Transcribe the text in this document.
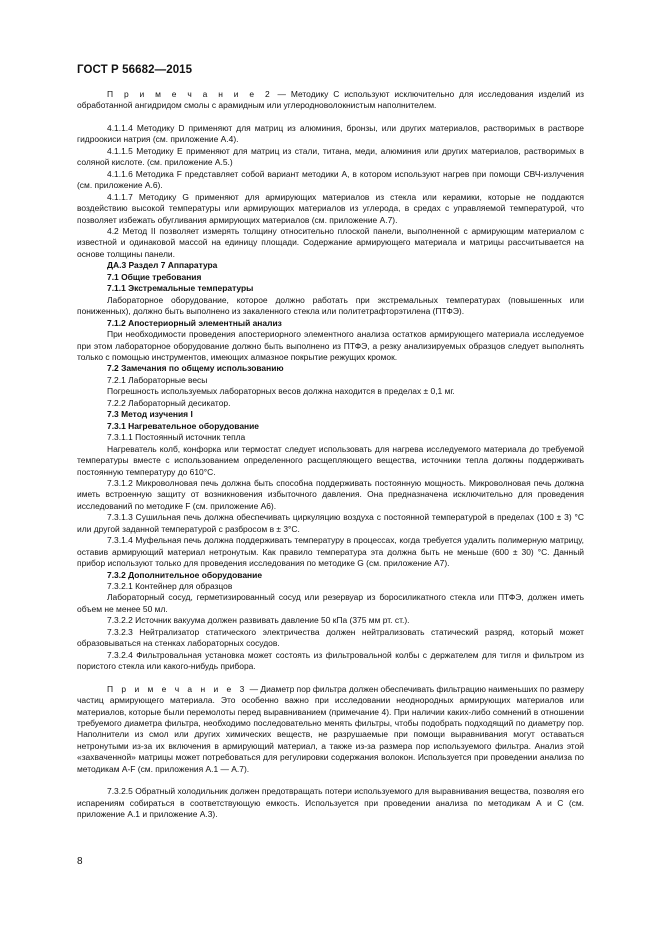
ГОСТ Р 56682—2015

П р и м е ч а н и е 2 — Методику С используют исключительно для исследования изделий из обработанной ангидридом смолы с арамидным или углеродноволокнистым наполнителем.

4.1.1.4 Методику D применяют для матриц из алюминия, бронзы, или других материалов, растворимых в растворе гидроокиси натрия (см. приложение А.4).

4.1.1.5 Методику Е применяют для матриц из стали, титана, меди, алюминия или других материалов, растворимых в соляной кислоте. (см. приложение А.5.)

4.1.1.6 Методика F представляет собой вариант методики А, в котором используют нагрев при помощи СВЧ-излучения (см. приложение А.6).

4.1.1.7 Методику G применяют для армирующих материалов из стекла или керамики, которые не поддаются воздействию высокой температуры или армирующих материалов из углерода, в средах с управляемой температурой, что позволяет избежать обугливания армирующих материалов (см. приложение А.7).

4.2 Метод II позволяет измерять толщину относительно плоской панели, выполненной с армирующим материалом с известной и одинаковой массой на единицу площади. Содержание армирующего материала и матрицы рассчитывается на основе толщины панели.

ДА.3 Раздел 7 Аппаратура

7.1 Общие требования

7.1.1 Экстремальные температуры

Лабораторное оборудование, которое должно работать при экстремальных температурах (повышенных или пониженных), должно быть выполнено из закаленного стекла или политетрафторэтилена (ПТФЭ).

7.1.2 Апостериорный элементный анализ

При необходимости проведения апостериорного элементного анализа остатков армирующего материала исследуемое при этом лабораторное оборудование должно быть выполнено из ПТФЭ, а резку анализируемых образцов следует выполнять только с помощью инструментов, имеющих алмазное покрытие режущих кромок.

7.2 Замечания по общему использованию

7.2.1 Лабораторные весы

Погрешность используемых лабораторных весов должна находится в пределах ± 0,1 мг.

7.2.2 Лабораторный десикатор.

7.3 Метод изучения I

7.3.1 Нагревательное оборудование

7.3.1.1 Постоянный источник тепла

Нагреватель колб, конфорка или термостат следует использовать для нагрева исследуемого материала до требуемой температуры вместе с использованием определенного расщепляющего вещества, источники тепла должны поддерживать постоянную температуру до 610°С.

7.3.1.2 Микроволновая печь должна быть способна поддерживать постоянную мощность. Микроволновая печь должна иметь встроенную защиту от возникновения избыточного давления. Она предназначена исключительно для проведения исследований по методике F (см. приложение А6).

7.3.1.3 Сушильная печь должна обеспечивать циркуляцию воздуха с постоянной температурой в пределах (100 ± 3) °С или другой заданной температурой с разбросом в ± 3°С.

7.3.1.4 Муфельная печь должна поддерживать температуру в процессах, когда требуется удалить полимерную матрицу, оставив армирующий материал нетронутым. Как правило температура эта должна быть не меньше (600 ± 30) °С. Данный прибор используют только для проведения исследования по методике G (см. приложение А7).

7.3.2 Дополнительное оборудование

7.3.2.1 Контейнер для образцов

Лабораторный сосуд, герметизированный сосуд или резервуар из боросиликатного стекла или ПТФЭ, должен иметь объем не менее 50 мл.

7.3.2.2 Источник вакуума должен развивать давление 50 кПа (375 мм рт. ст.).

7.3.2.3 Нейтрализатор статического электричества должен нейтрализовать статический разряд, который может образовываться на стенках лабораторных сосудов.

7.3.2.4 Фильтровальная установка может состоять из фильтровальной колбы с держателем для тигля и фильтром из пористого стекла или какого-нибудь прибора.

П р и м е ч а н и е 3 — Диаметр пор фильтра должен обеспечивать фильтрацию наименьших по размеру частиц армирующего материала. Это особенно важно при исследовании неоднородных армирующих материалов или материалов, которые были перемолоты перед выравниванием (примечание 4). При наличии каких-либо сомнений в отношении требуемого диаметра фильтра, необходимо последовательно менять фильтры, чтобы подобрать подходящий по диаметру пор. Наполнители из смол или других химических веществ, не разрушаемые при помощи выравнивания могут оставаться нетронутыми из-за их включения в армирующий материал, а также из-за размера пор используемого фильтра. Анализ этой «захваченной» матрицы может потребоваться для регулировки содержания волокон. Используется при проведении анализа по методикам А-F (см. приложения А.1 — А.7).

7.3.2.5 Обратный холодильник должен предотвращать потери используемого для выравнивания вещества, позволяя его испарениям собираться в соответствующую емкость. Используется при проведении анализа по методикам А и С (см. приложение А.1 и приложение А.3).

8
